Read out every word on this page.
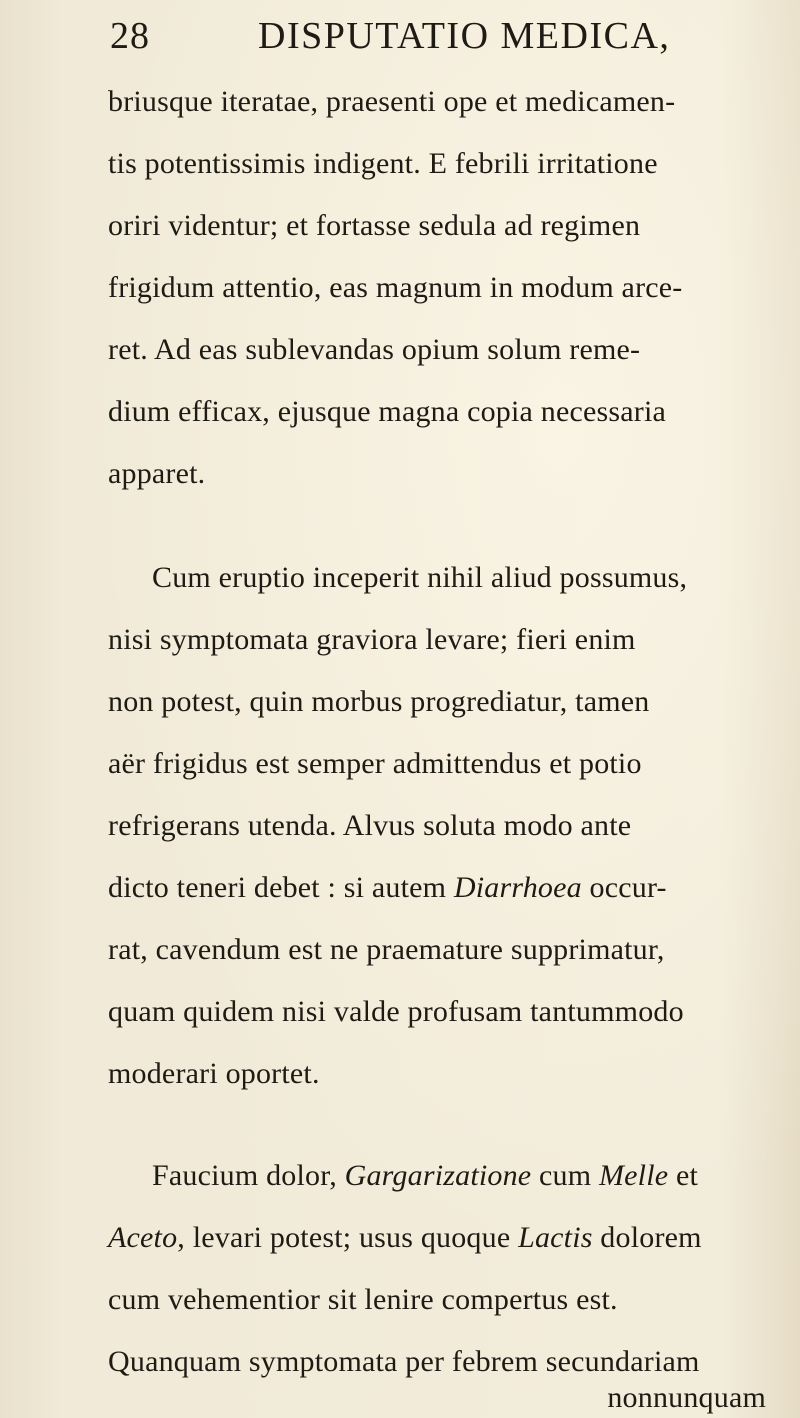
28	DISPUTATIO MEDICA,
briusque iteratae, praesenti ope et medicamen-
tis potentissimis indigent. E febrili irritatione
oriri videntur; et fortasse sedula ad regimen
frigidum attentio, eas magnum in modum arce-
ret. Ad eas sublevandas opium solum reme-
dium efficax, ejusque magna copia necessaria
apparet.
Cum eruptio inceperit nihil aliud possumus,
nisi symptomata graviora levare; fieri enim
non potest, quin morbus progrediatur, tamen
aër frigidus est semper admittendus et potio
refrigerans utenda. Alvus soluta modo ante
dicto teneri debet : si autem Diarrhoea occur-
rat, cavendum est ne praemature supprimatur,
quam quidem nisi valde profusam tantummodo
moderari oportet.
Faucium dolor, Gargarizatione cum Melle et
Aceto, levari potest; usus quoque Lactis dolorem
cum vehementior sit lenire compertus est.
Quanquam symptomata per febrem secundariam
nonnunquam
